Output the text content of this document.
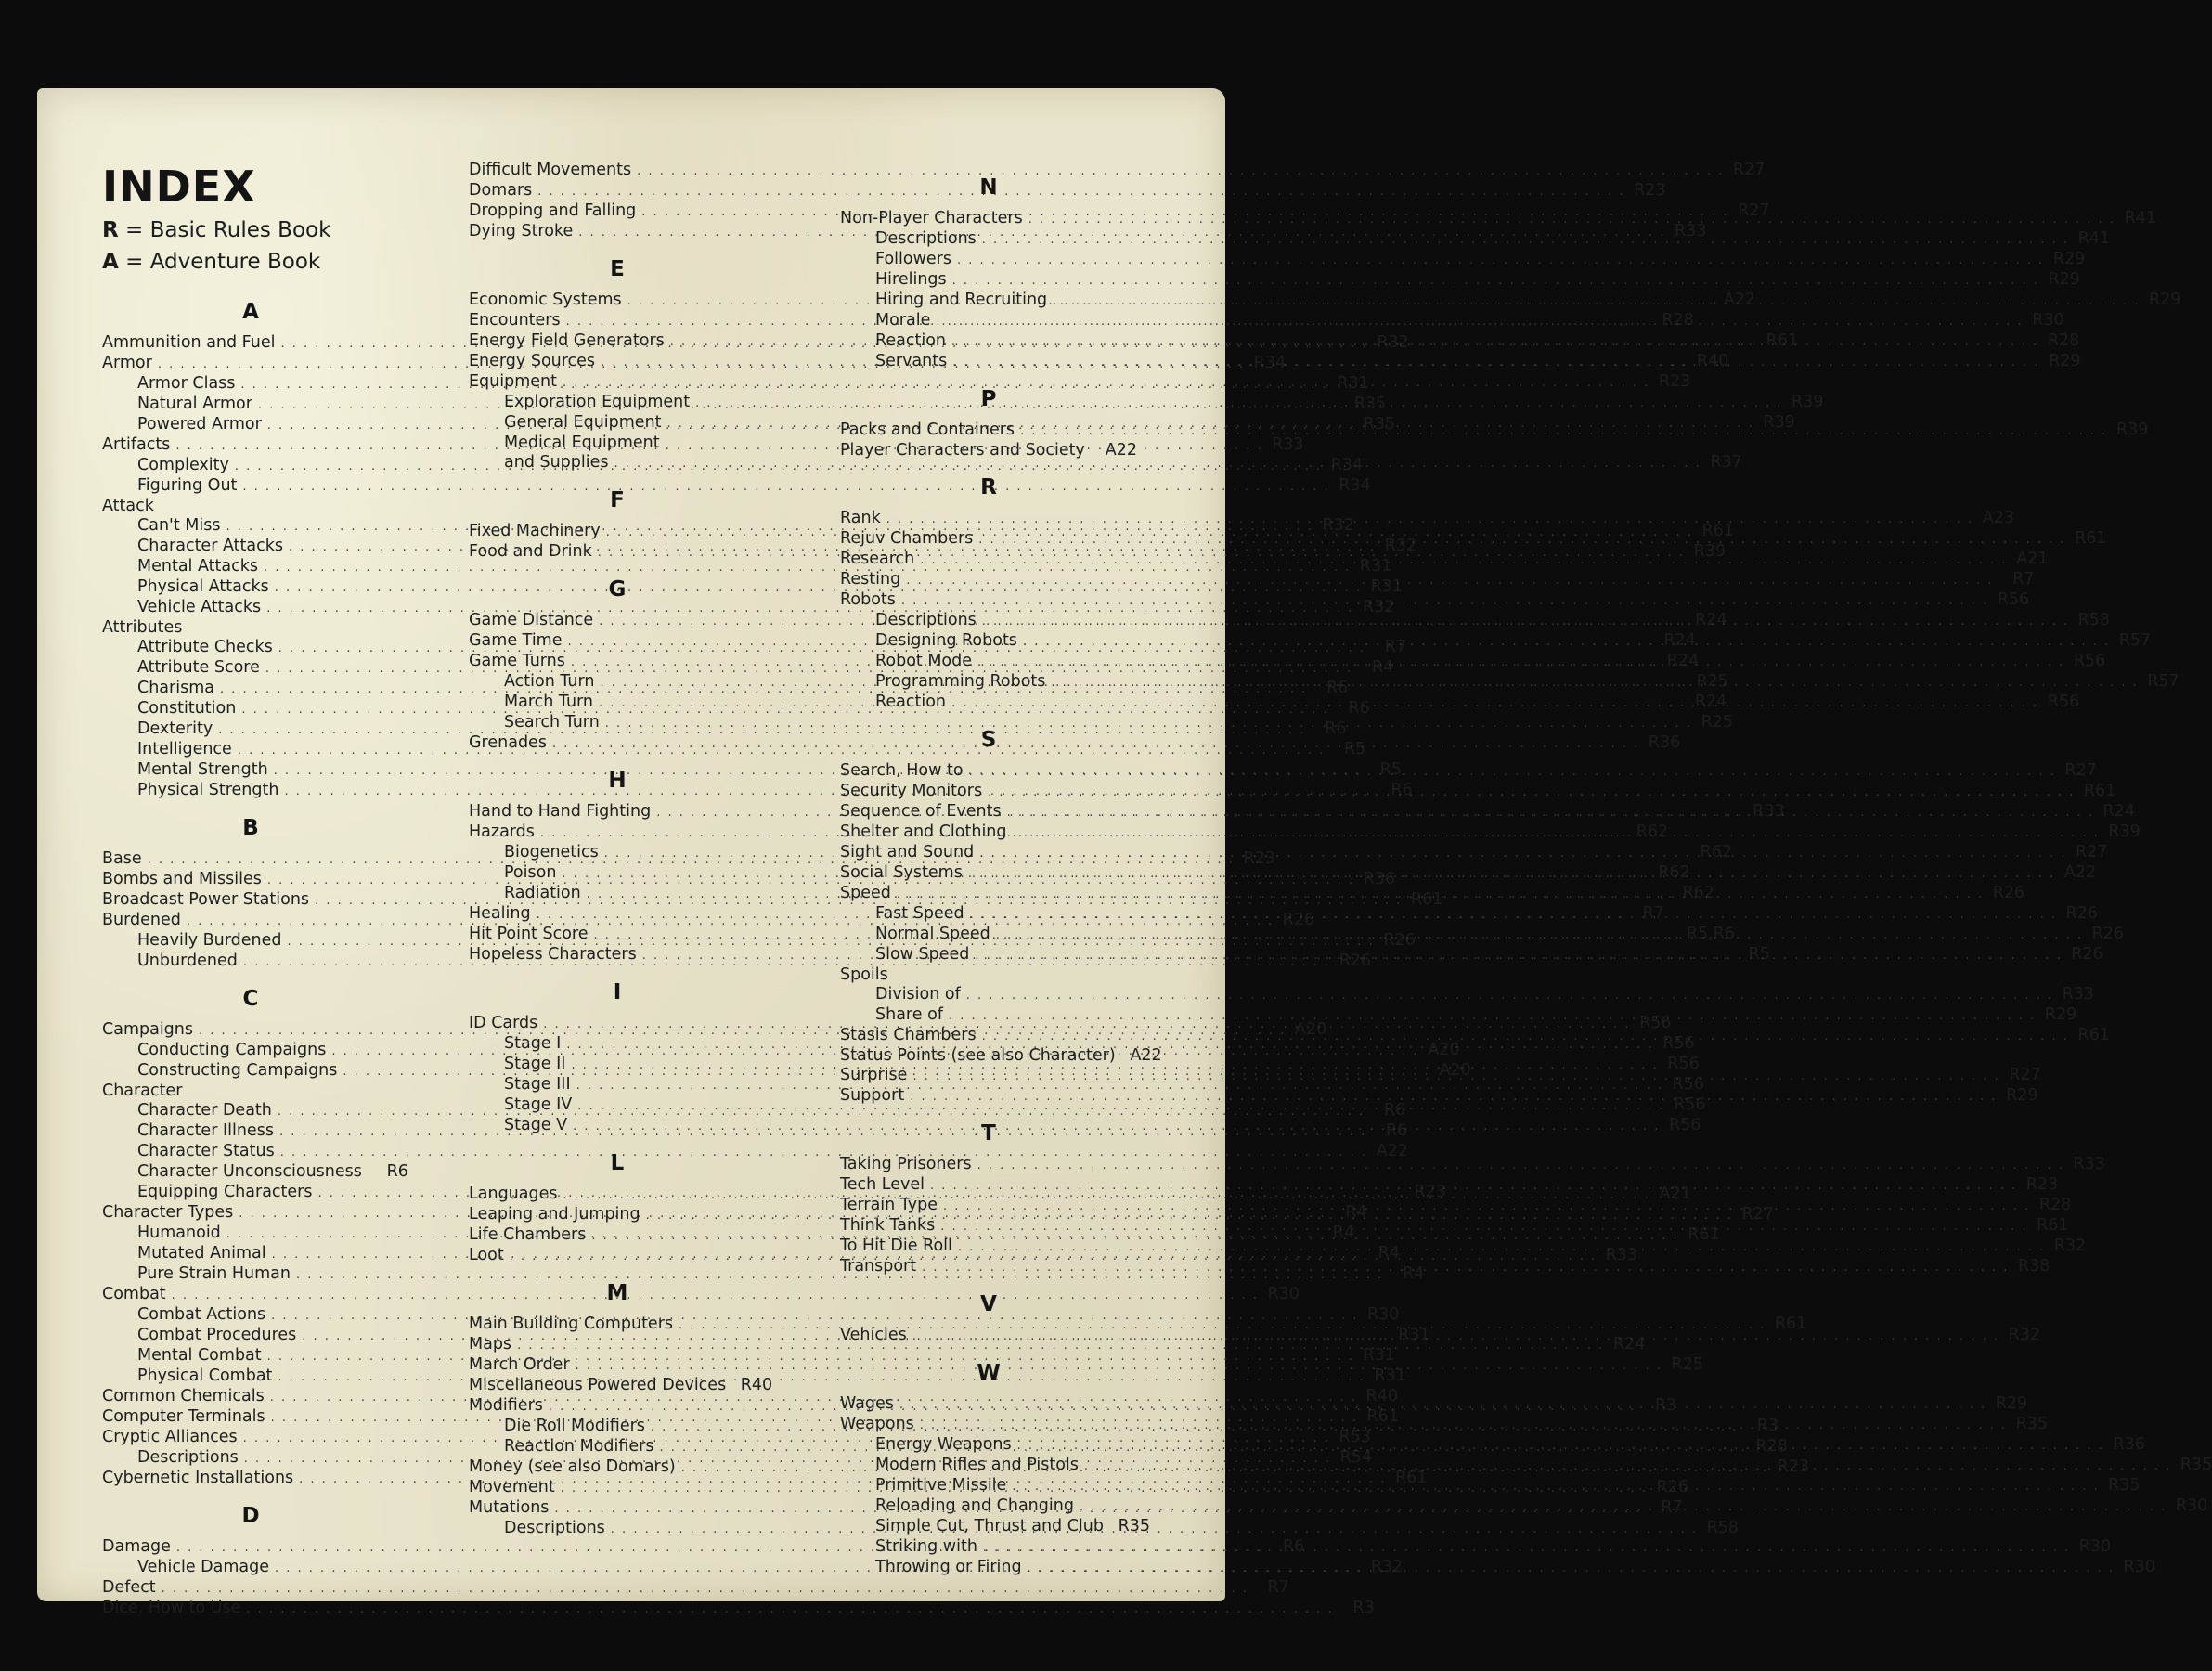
INDEX
R = Basic Rules Book
A = Adventure Book
A
Ammunition and Fuel . . .	R32
Armor . . .	R34
Armor Class . . .	R31
Natural Armor . . .	R35
Powered Armor . . .	R35
Artifacts . . .	R33
Complexity . . .	R34
Figuring Out . . .	R34
Attack
Can't Miss . . .	R32
Character Attacks . . .	R32
Mental Attacks . . .	R31
Physical Attacks . . .	R31
Vehicle Attacks . . .	R32
Attributes
Attribute Checks . . .	R7
Attribute Score . . .	R4
Charisma . . .	R6
Constitution . . .	R6
Dexterity . . .	R6
Intelligence . . .	R5
Mental Strength . . .	R5
Physical Strength . . .	R6
B
Base . . .	R23
Bombs and Missiles . . .	R36
Broadcast Power Stations . . .	R61
Burdened . . .	R26
Heavily Burdened . . .	R26
Unburdened . . .	R26
C
Campaigns . . .	A20
Conducting Campaigns . . .	A20
Constructing Campaigns . . .	A20
Character
Character Death . . .	R6
Character Illness . . .	R6
Character Status . . .	A22
Character Unconsciousness	R6
Equipping Characters . . .	R23
Character Types . . .	R4
Humanoid . . .	R4
Mutated Animal . . .	R4
Pure Strain Human . . .	R4
Combat . . .	R30
Combat Actions . . .	R30
Combat Procedures . . .	R31
Mental Combat . . .	R31
Physical Combat . . .	R31
Common Chemicals . . .	R40
Computer Terminals . . .	R61
Cryptic Alliances . . .	R53
Descriptions . . .	R54
Cybernetic Installations . . .	R61
D
Damage . . .	R6
Vehicle Damage . . .	R32
Defect . . .	R7
Dice, How to Use . . .	R3
Difficult Movements . . .	R27
Domars . . .	R23
Dropping and Falling . . .	R27
Dying Stroke . . .	R33
E
Economic Systems . . .	A22
Encounters . . .	R28
Energy Field Generators . . .	R61
Energy Sources . . .	R40
Equipment . . .	R23
Exploration Equipment . . .	R39
General Equipment . . .	R39
Medical Equipment
and Supplies . . .	R37
F
Fixed Machinery . . .	R61
Food and Drink . . .	R39
G
Game Distance . . .	R24
Game Time . . .	R24
Game Turns . . .	R24
Action Turn . . .	R25
March Turn . . .	R24
Search Turn . . .	R25
Grenades . . .	R36
H
Hand to Hand Fighting . . .	R33
Hazards . . .	R62
Biogenetics . . .	R62
Poison . . .	R62
Radiation . . .	R62
Healing . . .	R7
Hit Point Score . . .	R5,R6
Hopeless Characters . . .	R5
I
ID Cards . . .	R56
Stage I . . .	R56
Stage II . . .	R56
Stage III . . .	R56
Stage IV . . .	R56
Stage V . . .	R56
L
Languages . . .	A21
Leaping and Jumping . . .	R27
Life Chambers . . .	R61
Loot . . .	R33
M
Main Building Computers . . .	R61
Maps . . .	R24
March Order . . .	R25
Miscellaneous Powered Devices R40
Modifiers . . .	R3
Die Roll Modifiers . . .	R3
Reaction Modifiers . . .	R28
Money (see also Domars) . . .	R23
Movement . . .	R26
Mutations . . .	R7
Descriptions . . .	R58
N
Non-Player Characters . . .	R41
Descriptions . . .	R41
Followers . . .	R29
Hirelings . . .	R29
Hiring and Recruiting . . .	R29
Morale . . .	R30
Reaction . . .	R28
Servants . . .	R29
P
Packs and Containers . . .	R39
Player Characters and Society A22
R
Rank . . .	A23
Rejuv Chambers . . .	R61
Research . . .	A21
Resting . . .	R7
Robots . . .	R56
Descriptions . . .	R58
Designing Robots . . .	R57
Robot Mode . . .	R56
Programming Robots . . .	R57
Reaction . . .	R56
S
Search, How to . . .	R27
Security Monitors . . .	R61
Sequence of Events . . .	R24
Shelter and Clothing . . .	R39
Sight and Sound . . .	R27
Social Systems . . .	A22
Speed . . .	R26
Fast Speed . . .	R26
Normal Speed . . .	R26
Slow Speed . . .	R26
Spoils
Division of . . .	R33
Share of . . .	R29
Stasis Chambers . . .	R61
Status Points (see also Character) A22
Surprise . . .	R27
Support . . .	R29
T
Taking Prisoners . . .	R33
Tech Level . . .	R23
Terrain Type . . .	R28
Think Tanks . . .	R61
To Hit Die Roll . . .	R32
Transport . . .	R38
V
Vehicles . . .	R32
W
Wages . . .	R29
Weapons . . .	R35
Energy Weapons . . .	R36
Modern Rifles and Pistols . . .	R35
Primitive Missile . . .	R35
Reloading and Changing . . .	R30
Simple Cut, Thrust and Club R35
Striking with . . .	R30
Throwing or Firing . . .	R30
